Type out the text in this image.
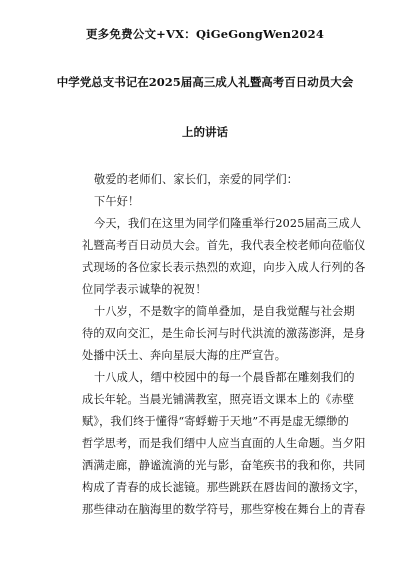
更多免费公文+VX：QiGeGongWen2024
中学党总支书记在2025届高三成人礼暨高考百日动员大会
上的讲话
敬爱的老师们、家长们，亲爱的同学们：
下午好！
今天，我们在这里为同学们隆重举行2025届高三成人
礼暨高考百日动员大会。首先，我代表全校老师向莅临仪
式现场的各位家长表示热烈的欢迎，向步入成人行列的各
位同学表示诚挚的祝贺！
十八岁，不是数字的简单叠加，是自我觉醒与社会期
待的双向交汇，是生命长河与时代洪流的激荡澎湃，是身
处播中沃土、奔向星辰大海的庄严宣告。
十八成人，缙中校园中的每一个晨昏都在雕刻我们的
成长年轮。当晨光铺满教室，照亮语文课本上的《赤壁
赋》，我们终于懂得“寄蜉蝣于天地”不再是虚无缥缈的
哲学思考，而是我们缙中人应当直面的人生命题。当夕阳
洒满走廊，静谧流淌的光与影，奋笔疾书的我和你，共同
构成了青春的成长滤镜。那些跳跃在唇齿间的激扬文字，
那些律动在脑海里的数学符号，那些穿梭在舞台上的青春
